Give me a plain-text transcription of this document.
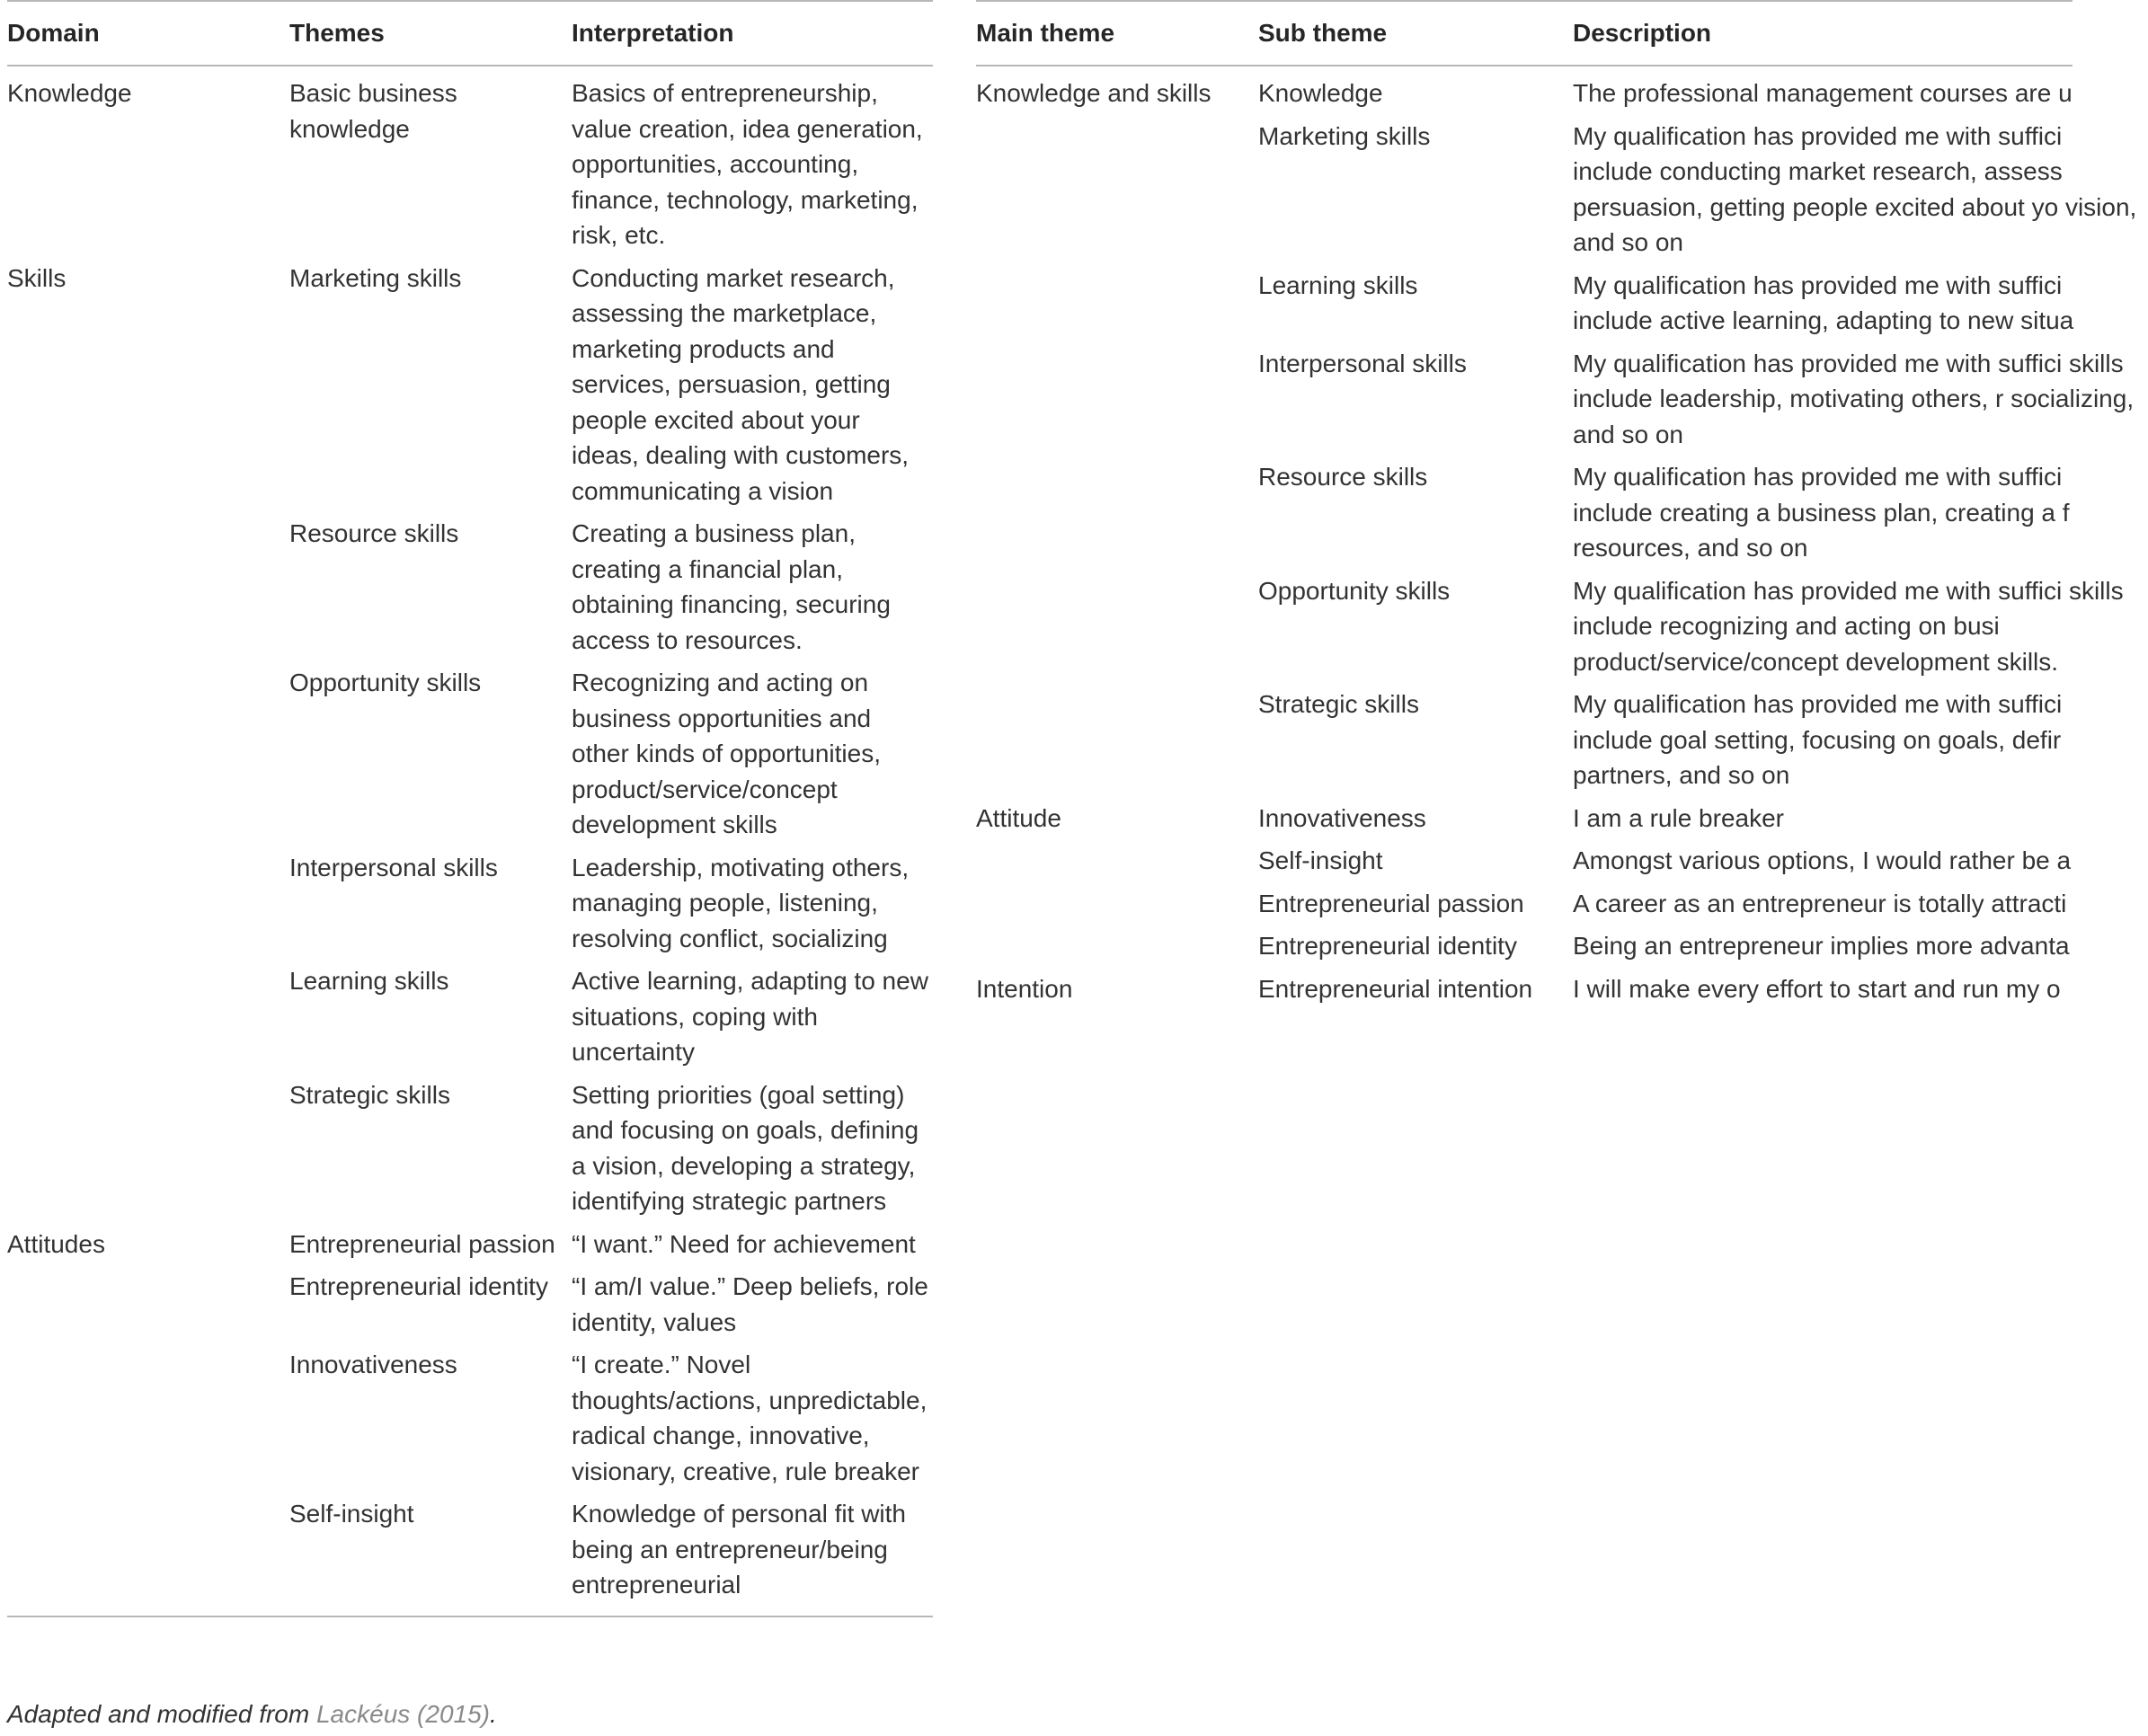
Domain	Themes	Interpretation
Knowledge	Basic business knowledge	Basics of entrepreneurship, value creation, idea generation, opportunities, accounting, finance, technology, marketing, risk, etc.
Skills	Marketing skills	Conducting market research, assessing the marketplace, marketing products and services, persuasion, getting people excited about your ideas, dealing with customers, communicating a vision
	Resource skills	Creating a business plan, creating a financial plan, obtaining financing, securing access to resources.
	Opportunity skills	Recognizing and acting on business opportunities and other kinds of opportunities, product/service/concept development skills
	Interpersonal skills	Leadership, motivating others, managing people, listening, resolving conflict, socializing
	Learning skills	Active learning, adapting to new situations, coping with uncertainty
	Strategic skills	Setting priorities (goal setting) and focusing on goals, defining a vision, developing a strategy, identifying strategic partners
Attitudes	Entrepreneurial passion	“I want.” Need for achievement
	Entrepreneurial identity	“I am/I value.” Deep beliefs, role identity, values
	Innovativeness	“I create.” Novel thoughts/actions, unpredictable, radical change, innovative, visionary, creative, rule breaker
	Self-insight	Knowledge of personal fit with being an entrepreneur/being entrepreneurial
Adapted and modified from Lackéus (2015).
Main theme	Sub theme	Description
Knowledge and skills	Knowledge	The professional management courses are u

	Marketing skills	My qualification has provided me with suffici include conducting market research, assess persuasion, getting people excited about yo vision, and so on

	Learning skills	My qualification has provided me with suffici include active learning, adapting to new situa

	Interpersonal skills	My qualification has provided me with suffici skills include leadership, motivating others, r socializing, and so on

	Resource skills	My qualification has provided me with suffici include creating a business plan, creating a f resources, and so on

	Opportunity skills	My qualification has provided me with suffici skills include recognizing and acting on busi product/service/concept development skills.

	Strategic skills	My qualification has provided me with suffici include goal setting, focusing on goals, defir partners, and so on

Attitude	Innovativeness	I am a rule breaker

	Self-insight	Amongst various options, I would rather be a

	Entrepreneurial passion	A career as an entrepreneur is totally attracti

	Entrepreneurial identity	Being an entrepreneur implies more advanta

Intention	Entrepreneurial intention	I will make every effort to start and run my o
